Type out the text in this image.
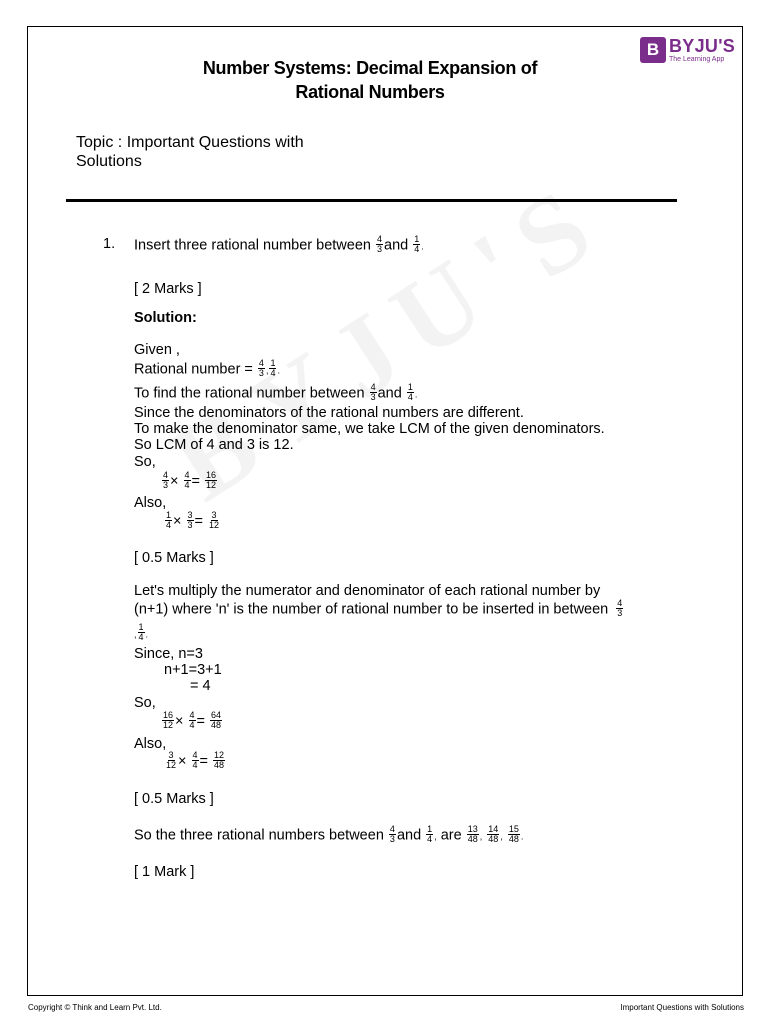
B BYJU'S
The Learning App
Number Systems: Decimal Expansion of
Rational Numbers
Topic : Important Questions with
Solutions
1. Insert three rational number between $\frac{4}{3}$ and $\frac{1}{4}$ .
[ 2 Marks ]
Solution:
Given ,
Rational number = $\frac{4}{3}$ , $\frac{1}{4}$ .
To find the rational number between $\frac{4}{3}$ and $\frac{1}{4}$ .
Since the denominators of the rational numbers are different.
To make the denominator same, we take LCM of the given denominators.
So LCM of 4 and 3 is 12.
So,
$\frac{4}{3} \times \frac{4}{4} = \frac{16}{12}$
Also,
$\frac{1}{4} \times \frac{3}{3} = \frac{3}{12}$
[ 0.5 Marks ]
Let's multiply the numerator and denominator of each rational number by
(n+1) where 'n' is the number of rational number to be inserted in between $\frac{4}{3}$
, $\frac{1}{4}$ .
Since, n=3
n+1=3+1
= 4
So,
$\frac{16}{12} \times \frac{4}{4} = \frac{64}{48}$
Also,
$\frac{3}{12} \times \frac{4}{4} = \frac{12}{48}$
[ 0.5 Marks ]
So the three rational numbers between $\frac{4}{3}$ and $\frac{1}{4}$ , are $\frac{13}{48}$ , $\frac{14}{48}$ , $\frac{15}{48}$ .
[ 1 Mark ]
Copyright © Think and Learn Pvt. Ltd.	Important Questions with Solutions
